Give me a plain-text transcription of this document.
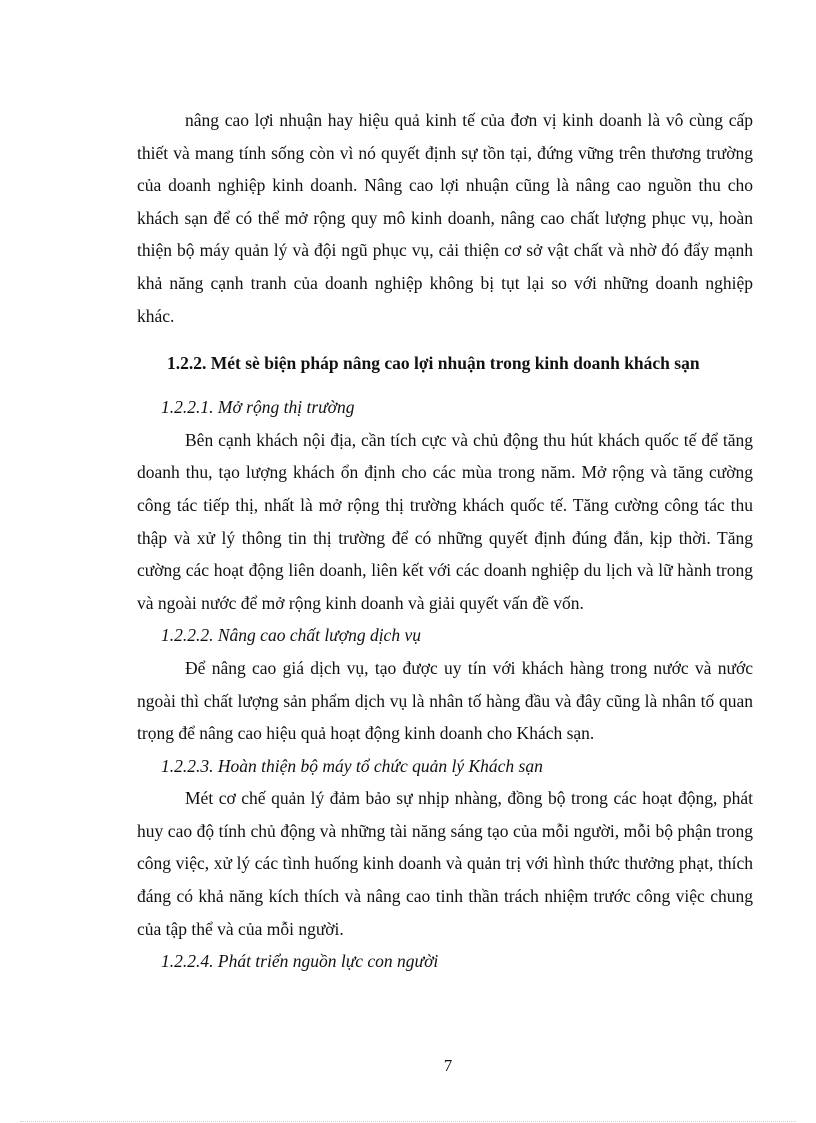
nâng cao lợi nhuận hay hiệu quả kinh tế của đơn vị kinh doanh là vô cùng cấp thiết và mang tính sống còn vì nó quyết định sự tồn tại, đứng vững trên thương trường của doanh nghiệp kinh doanh. Nâng cao lợi nhuận cũng là nâng cao nguồn thu cho khách sạn để có thể mở rộng quy mô kinh doanh, nâng cao chất lượng phục vụ, hoàn thiện bộ máy quản lý và đội ngũ phục vụ, cải thiện cơ sở vật chất và nhờ đó đẩy mạnh khả năng cạnh tranh của doanh nghiệp không bị tụt lại so với những doanh nghiệp khác.

1.2.2. Mét sè biện pháp nâng cao lợi nhuận trong kinh doanh khách sạn

1.2.2.1. Mở rộng thị trường

Bên cạnh khách nội địa, cần tích cực và chủ động thu hút khách quốc tế để tăng doanh thu, tạo lượng khách ổn định cho các mùa trong năm. Mở rộng và tăng cường công tác tiếp thị, nhất là mở rộng thị trường khách quốc tế. Tăng cường công tác thu thập và xử lý thông tin thị trường để có những quyết định đúng đắn, kịp thời. Tăng cường các hoạt động liên doanh, liên kết với các doanh nghiệp du lịch và lữ hành trong và ngoài nước để mở rộng kinh doanh và giải quyết vấn đề vốn.

1.2.2.2. Nâng cao chất lượng dịch vụ

Để nâng cao giá dịch vụ, tạo được uy tín với khách hàng trong nước và nước ngoài thì chất lượng sản phẩm dịch vụ là nhân tố hàng đầu và đây cũng là nhân tố quan trọng để nâng cao hiệu quả hoạt động kinh doanh cho Khách sạn.

1.2.2.3. Hoàn thiện bộ máy tổ chức quản lý Khách sạn

Mét cơ chế quản lý đảm bảo sự nhịp nhàng, đồng bộ trong các hoạt động, phát huy cao độ tính chủ động và những tài năng sáng tạo của mỗi người, mỗi bộ phận trong công việc, xử lý các tình huống kinh doanh và quản trị với hình thức thưởng phạt, thích đáng có khả năng kích thích và nâng cao tinh thần trách nhiệm trước công việc chung của tập thể và của mỗi người.

1.2.2.4. Phát triển nguồn lực con người

7
